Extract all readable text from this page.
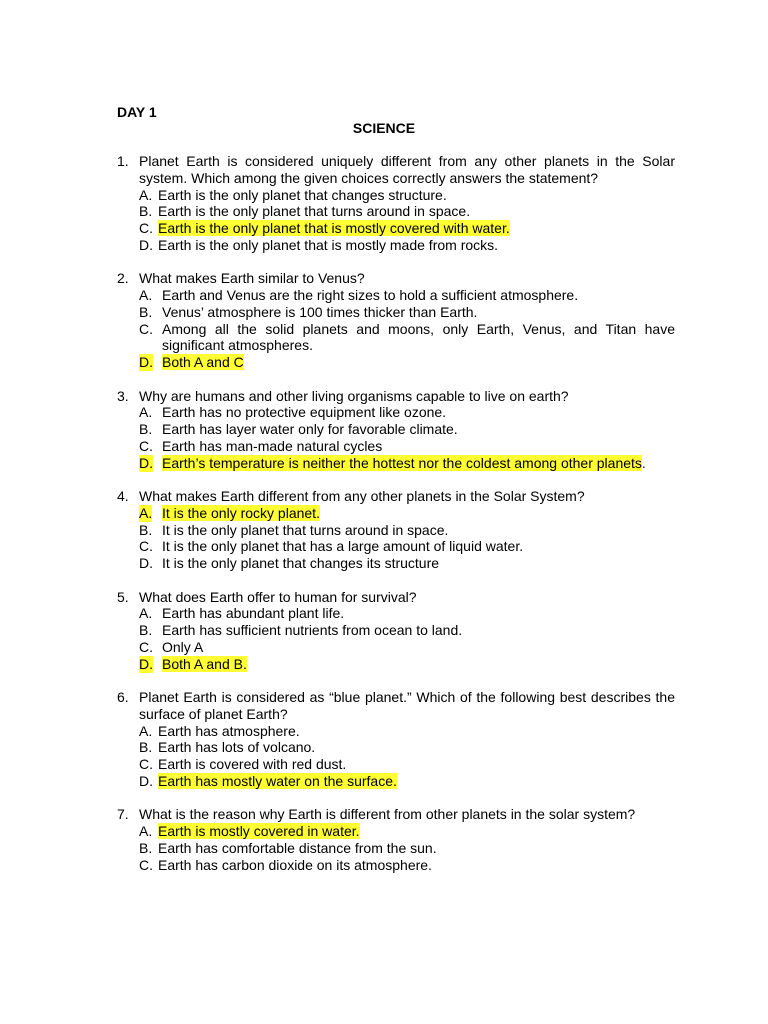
DAY 1
SCIENCE
1. Planet Earth is considered uniquely different from any other planets in the Solar system. Which among the given choices correctly answers the statement?
A. Earth is the only planet that changes structure.
B. Earth is the only planet that turns around in space.
C. Earth is the only planet that is mostly covered with water.
D. Earth is the only planet that is mostly made from rocks.
2. What makes Earth similar to Venus?
A. Earth and Venus are the right sizes to hold a sufficient atmosphere.
B. Venus’ atmosphere is 100 times thicker than Earth.
C. Among all the solid planets and moons, only Earth, Venus, and Titan have significant atmospheres.
D. Both A and C
3. Why are humans and other living organisms capable to live on earth?
A. Earth has no protective equipment like ozone.
B. Earth has layer water only for favorable climate.
C. Earth has man-made natural cycles
D. Earth’s temperature is neither the hottest nor the coldest among other planets.
4. What makes Earth different from any other planets in the Solar System?
A. It is the only rocky planet.
B. It is the only planet that turns around in space.
C. It is the only planet that has a large amount of liquid water.
D. It is the only planet that changes its structure
5. What does Earth offer to human for survival?
A. Earth has abundant plant life.
B. Earth has sufficient nutrients from ocean to land.
C. Only A
D. Both A and B.
6. Planet Earth is considered as “blue planet.” Which of the following best describes the surface of planet Earth?
A. Earth has atmosphere.
B. Earth has lots of volcano.
C. Earth is covered with red dust.
D. Earth has mostly water on the surface.
7. What is the reason why Earth is different from other planets in the solar system?
A. Earth is mostly covered in water.
B. Earth has comfortable distance from the sun.
C. Earth has carbon dioxide on its atmosphere.
